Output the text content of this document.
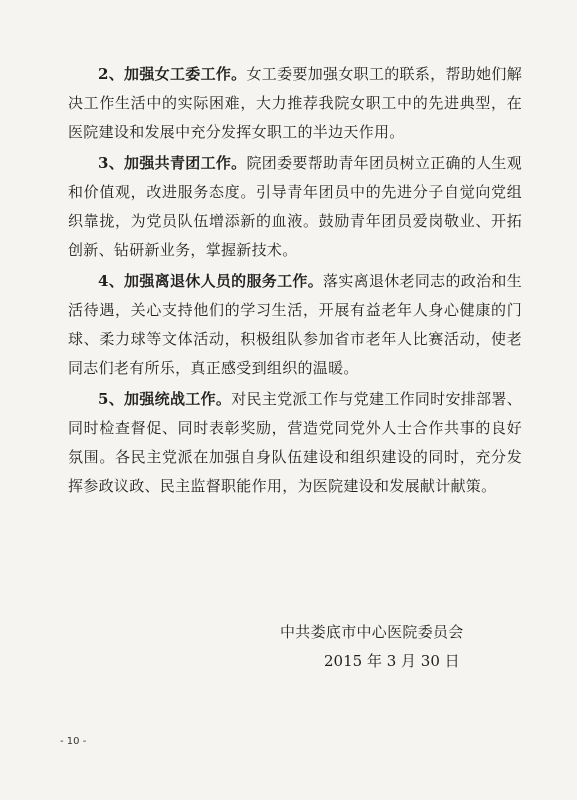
2、加强女工委工作。女工委要加强女职工的联系，帮助她们解决工作生活中的实际困难，大力推荐我院女职工中的先进典型，在医院建设和发展中充分发挥女职工的半边天作用。

3、加强共青团工作。院团委要帮助青年团员树立正确的人生观和价值观，改进服务态度。引导青年团员中的先进分子自觉向党组织靠拢，为党员队伍增添新的血液。鼓励青年团员爱岗敬业、开拓创新、钻研新业务，掌握新技术。

4、加强离退休人员的服务工作。落实离退休老同志的政治和生活待遇，关心支持他们的学习生活，开展有益老年人身心健康的门球、柔力球等文体活动，积极组队参加省市老年人比赛活动，使老同志们老有所乐，真正感受到组织的温暖。

5、加强统战工作。对民主党派工作与党建工作同时安排部署、同时检查督促、同时表彰奖励，营造党同党外人士合作共事的良好氛围。各民主党派在加强自身队伍建设和组织建设的同时，充分发挥参政议政、民主监督职能作用，为医院建设和发展献计献策。

中共娄底市中心医院委员会
2015 年 3 月 30 日
- 10 -
